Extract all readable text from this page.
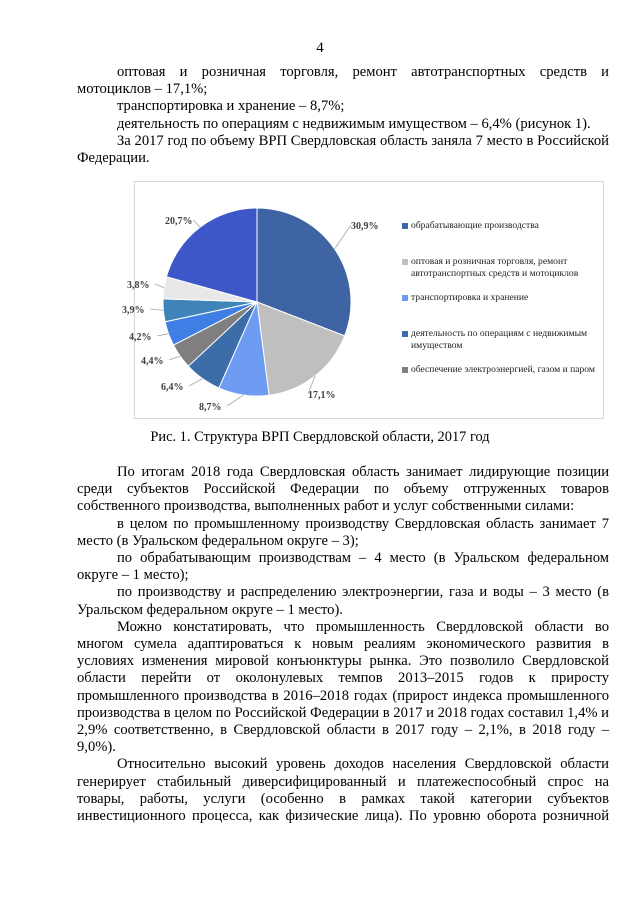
4

оптовая и розничная торговля, ремонт автотранспортных средств и мотоциклов – 17,1%;

транспортировка и хранение – 8,7%;

деятельность по операциям с недвижимым имуществом – 6,4% (рисунок 1).

За 2017 год по объему ВРП Свердловская область заняла 7 место в Российской Федерации.

30,9%
17,1%
8,7%
6,4%
4,4%
4,2%
3,9%
3,8%
20,7%	обрабатывающие производства
оптовая и розничная торговля, ремонт автотранспортных средств и мотоциклов
транспортировка и хранение
деятельность по операциям с недвижимым имуществом
обеспечение электроэнергией, газом и паром
Рис. 1. Структура ВРП Свердловской области, 2017 год

По итогам 2018 года Свердловская область занимает лидирующие позиции среди субъектов Российской Федерации по объему отгруженных товаров собственного производства, выполненных работ и услуг собственными силами:

в целом по промышленному производству Свердловская область занимает 7 место (в Уральском федеральном округе – 3);

по обрабатывающим производствам – 4 место (в Уральском федеральном округе – 1 место);

по производству и распределению электроэнергии, газа и воды – 3 место (в Уральском федеральном округе – 1 место).

Можно констатировать, что промышленность Свердловской области во многом сумела адаптироваться к новым реалиям экономического развития в условиях изменения мировой конъюнктуры рынка. Это позволило Свердловской области перейти от околонулевых темпов 2013–2015 годов к приросту промышленного производства в 2016–2018 годах (прирост индекса промышленного производства в целом по Российской Федерации в 2017 и 2018 годах составил 1,4% и 2,9% соответственно, в Свердловской области в 2017 году – 2,1%, в 2018 году – 9,0%).

Относительно высокий уровень доходов населения Свердловской области генерирует стабильный диверсифицированный и платежеспособный спрос на товары, работы, услуги (особенно в рамках такой категории субъектов инвестиционного процесса, как физические лица). По уровню оборота розничной
